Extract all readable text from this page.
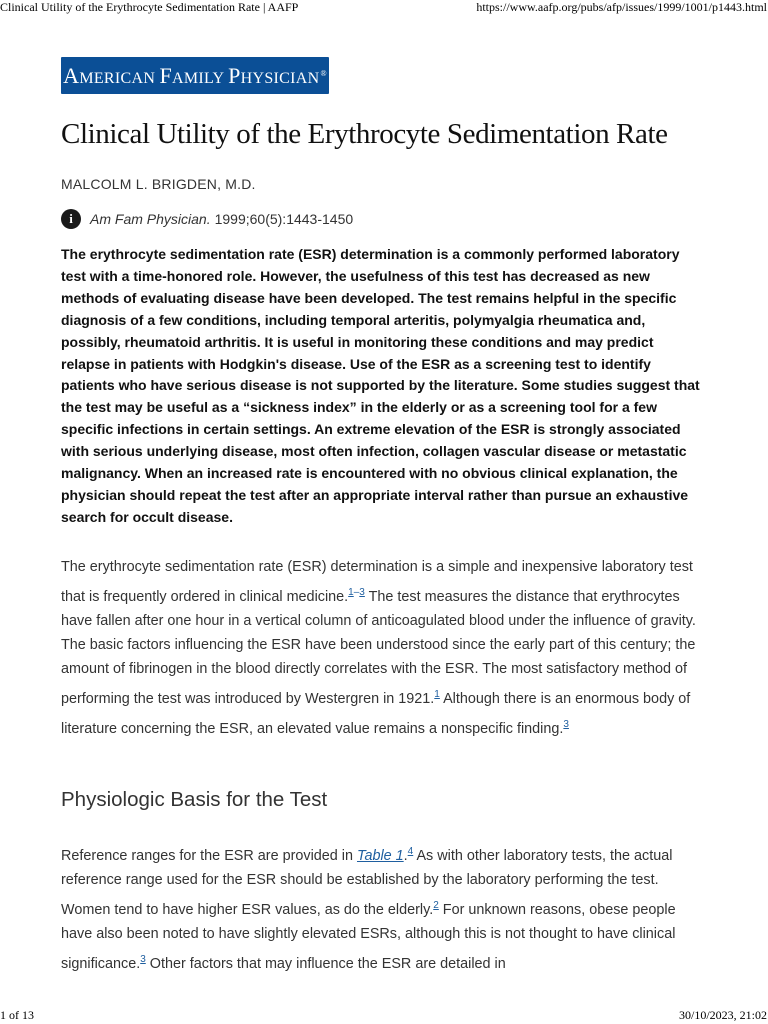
Clinical Utility of the Erythrocyte Sedimentation Rate | AAFP	https://www.aafp.org/pubs/afp/issues/1999/1001/p1443.html
AMERICAN FAMILY PHYSICIAN®
Clinical Utility of the Erythrocyte Sedimentation Rate
MALCOLM L. BRIGDEN, M.D.
i	Am Fam Physician. 1999;60(5):1443-1450

The erythrocyte sedimentation rate (ESR) determination is a commonly performed laboratory test with a time-honored role. However, the usefulness of this test has decreased as new methods of evaluating disease have been developed. The test remains helpful in the specific diagnosis of a few conditions, including temporal arteritis, polymyalgia rheumatica and, possibly, rheumatoid arthritis. It is useful in monitoring these conditions and may predict relapse in patients with Hodgkin's disease. Use of the ESR as a screening test to identify patients who have serious disease is not supported by the literature. Some studies suggest that the test may be useful as a “sickness index” in the elderly or as a screening tool for a few specific infections in certain settings. An extreme elevation of the ESR is strongly associated with serious underlying disease, most often infection, collagen vascular disease or metastatic malignancy. When an increased rate is encountered with no obvious clinical explanation, the physician should repeat the test after an appropriate interval rather than pursue an exhaustive search for occult disease.

The erythrocyte sedimentation rate (ESR) determination is a simple and inexpensive laboratory test that is frequently ordered in clinical medicine.$^{1-3}$ The test measures the distance that erythrocytes have fallen after one hour in a vertical column of anticoagulated blood under the influence of gravity. The basic factors influencing the ESR have been understood since the early part of this century; the amount of fibrinogen in the blood directly correlates with the ESR. The most satisfactory method of performing the test was introduced by Westergren in 1921.$^1$ Although there is an enormous body of literature concerning the ESR, an elevated value remains a nonspecific finding.$^3$

Physiologic Basis for the Test

Reference ranges for the ESR are provided in Table 1.$^4$ As with other laboratory tests, the actual reference range used for the ESR should be established by the laboratory performing the test. Women tend to have higher ESR values, as do the elderly.$^2$ For unknown reasons, obese people have also been noted to have slightly elevated ESRs, although this is not thought to have clinical significance.$^3$ Other factors that may influence the ESR are detailed in

1 of 13	30/10/2023, 21:02
